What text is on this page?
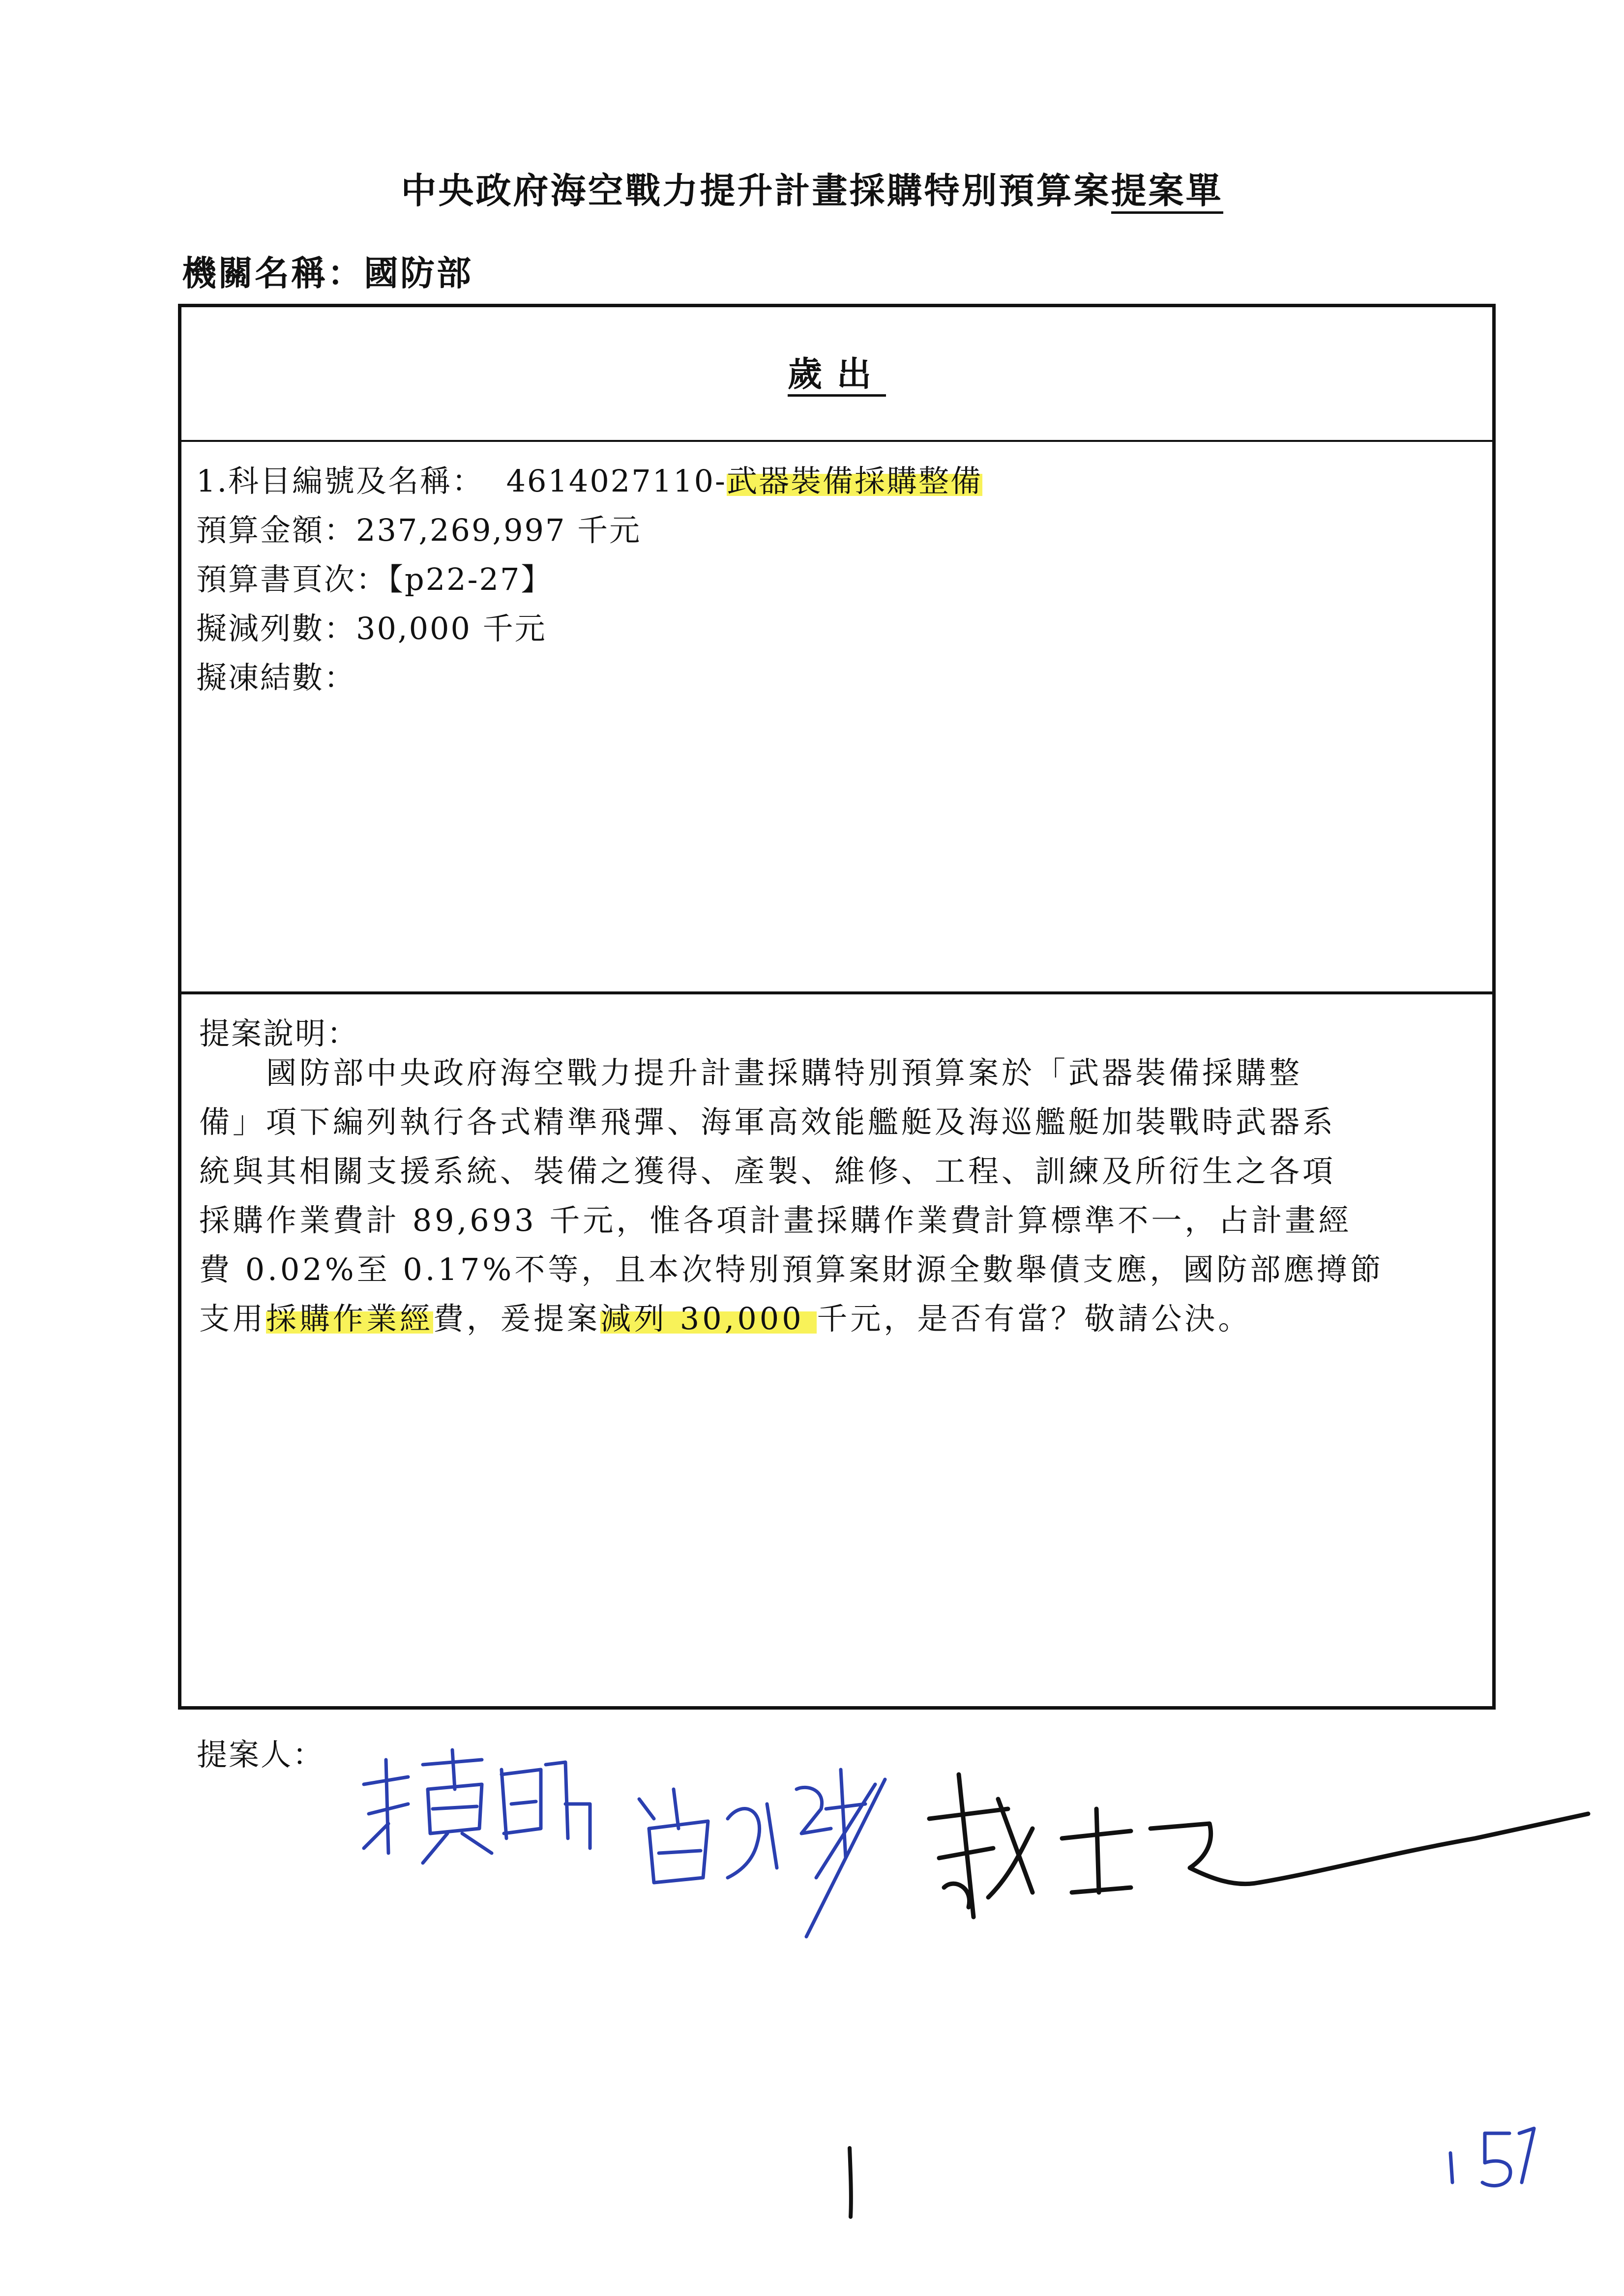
中央政府海空戰力提升計畫採購特別預算案提案單
機關名稱：國防部
歲出
1.科目編號及名稱： 4614027110-武器裝備採購整備
預算金額：237,269,997 千元
預算書頁次：【p22-27】
擬減列數：30,000 千元
擬凍結數：
提案說明：
　　國防部中央政府海空戰力提升計畫採購特別預算案於「武器裝備採購整
備」項下編列執行各式精準飛彈、海軍高效能艦艇及海巡艦艇加裝戰時武器系
統與其相關支援系統、裝備之獲得、產製、維修、工程、訓練及所衍生之各項
採購作業費計 89,693 千元，惟各項計畫採購作業費計算標準不一，占計畫經
費 0.02%至 0.17%不等，且本次特別預算案財源全數舉債支應，國防部應撙節
支用採購作業經費，爰提案減列 30,000 千元，是否有當？敬請公決。
提案人：
